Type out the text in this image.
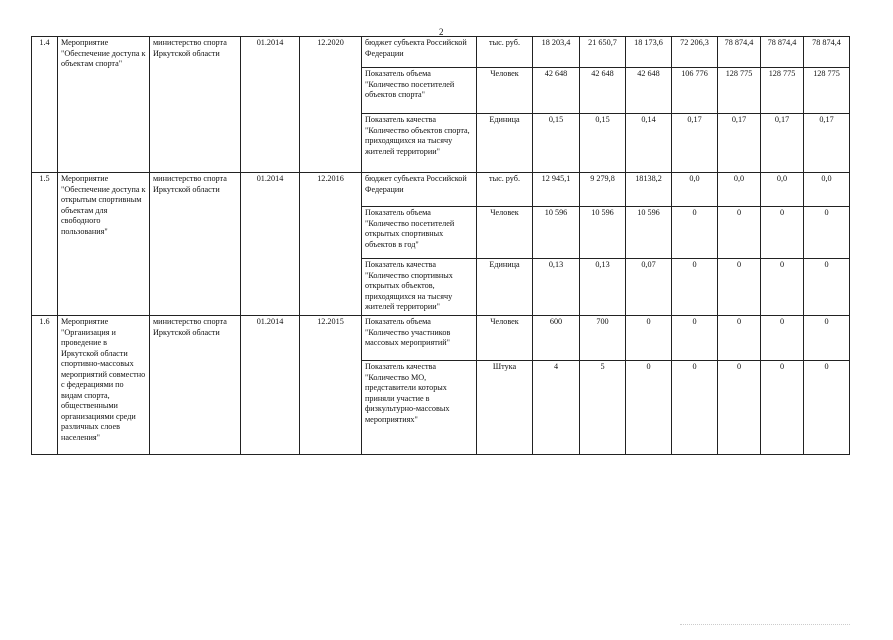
2
1.4	Мероприятие "Обеспечение доступа к объектам спорта"	министерство спорта Иркутской области	01.2014	12.2020	бюджет субъекта Российской Федерации	тыс. руб.	18 203,4	21 650,7	18 173,6	72 206,3	78 874,4	78 874,4	78 874,4
					Показатель объема "Количество посетителей объектов спорта"	Человек	42 648	42 648	42 648	106 776	128 775	128 775	128 775
					Показатель качества "Количество объектов спорта, приходящихся на тысячу жителей территории"	Единица	0,15	0,15	0,14	0,17	0,17	0,17	0,17
1.5	Мероприятие "Обеспечение доступа к открытым спортивным объектам для свободного пользования"	министерство спорта Иркутской области	01.2014	12.2016	бюджет субъекта Российской Федерации	тыс. руб.	12 945,1	9 279,8	18138,2	0,0	0,0	0,0	0,0
					Показатель объема "Количество посетителей открытых спортивных объектов в год"	Человек	10 596	10 596	10 596	0	0	0	0
					Показатель качества "Количество спортивных открытых объектов, приходящихся на тысячу жителей территории"	Единица	0,13	0,13	0,07	0	0	0	0
1.6	Мероприятие "Организация и проведение в Иркутской области спортивно-массовых мероприятий совместно с федерациями по видам спорта, общественными организациями среди различных слоев населения"	министерство спорта Иркутской области	01.2014	12.2015	Показатель объема "Количество участников массовых мероприятий"	Человек	600	700	0	0	0	0	0
					Показатель качества "Количество МО, представители которых приняли участие в физкультурно-массовых мероприятиях"	Штука	4	5	0	0	0	0	0
